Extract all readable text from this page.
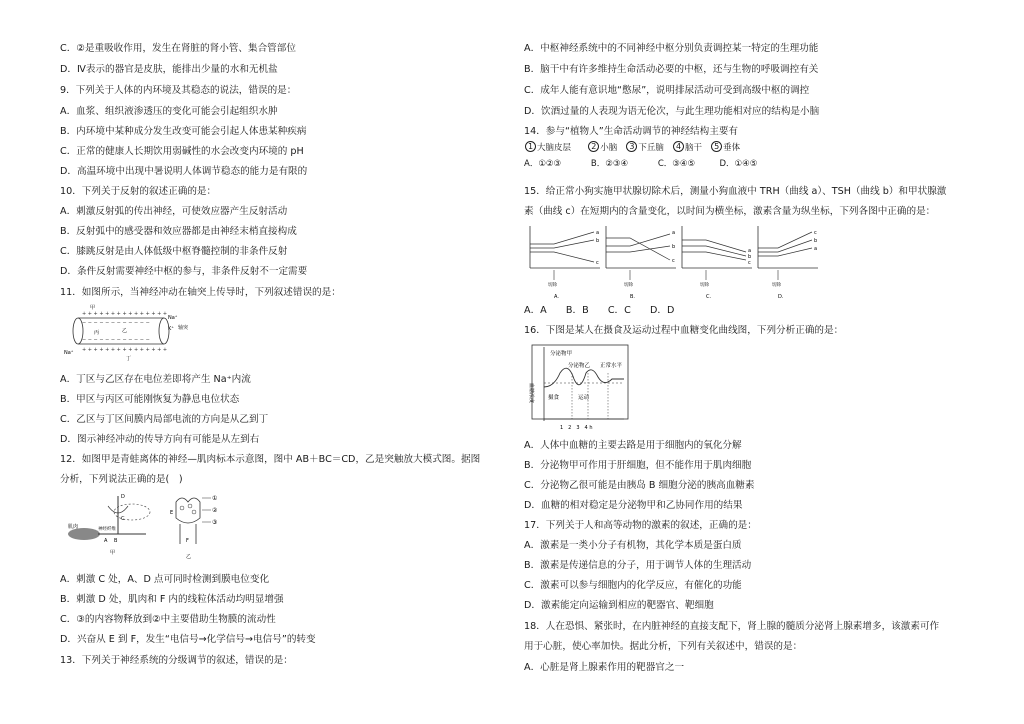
C．②是重吸收作用，发生在肾脏的肾小管、集合管部位
D．Ⅳ表示的器官是皮肤，能排出少量的水和无机盐
9．下列关于人体的内环境及其稳态的说法，错误的是：
A．血浆、组织液渗透压的变化可能会引起组织水肿
B．内环境中某种成分发生改变可能会引起人体患某种疾病
C．正常的健康人长期饮用弱碱性的水会改变内环境的 pH
D．高温环境中出现中暑说明人体调节稳态的能力是有限的
10．下列关于反射的叙述正确的是：
A．刺激反射弧的传出神经，可使效应器产生反射活动
B．反射弧中的感受器和效应器都是由神经末梢直接构成
C．膝跳反射是由人体低级中枢脊髓控制的非条件反射
D．条件反射需要神经中枢的参与，非条件反射不一定需要
11．如图所示，当神经冲动在轴突上传导时，下列叙述错误的是：
+ + + + + + + + + + + + + + +
− − − − − − − − − − − −
− − − − − − − − − − − −
+ + + + + + + + + + + + + + +
甲
丙	乙
丁
Na⁺
K⁺
Na⁺
轴突
A．丁区与乙区存在电位差即将产生 Na⁺内流
B．甲区与丙区可能刚恢复为静息电位状态
C．乙区与丁区间膜内局部电流的方向是从乙到丁
D．图示神经冲动的传导方向有可能是从左到右
12．如图甲是青蛙离体的神经—肌肉标本示意图，图中 AB＋BC＝CD，乙是突触放大模式图。据图
分析，下列说法正确的是(　)
肌肉	神经纤维
D
C
A B
甲
E
F
乙
①
②
③
A．刺激 C 处，A、D 点可同时检测到膜电位变化
B．刺激 D 处，肌肉和 F 内的线粒体活动均明显增强
C．③的内容物释放到②中主要借助生物膜的流动性
D．兴奋从 E 到 F，发生“电信号→化学信号→电信号”的转变
13．下列关于神经系统的分级调节的叙述，错误的是：
A．中枢神经系统中的不同神经中枢分别负责调控某一特定的生理功能
B．脑干中有许多维持生命活动必要的中枢，还与生物的呼吸调控有关
C．成年人能有意识地“憋尿”，说明排尿活动可受到高级中枢的调控
D．饮酒过量的人表现为语无伦次，与此生理功能相对应的结构是小脑
14．参与“植物人”生命活动调节的神经结构主要有
1 大脑皮层	2 小脑 3 下丘脑 4 脑干 5 垂体
A．①②③	B．②③④	C．③④⑤	D．①④⑤
15．给正常小狗实施甲状腺切除术后，测量小狗血液中 TRH（曲线 a）、TSH（曲线 b）和甲状腺激
素（曲线 c）在短期内的含量变化，以时间为横坐标，激素含量为纵坐标，下列各图中正确的是：
a
b
c
切除
A.
a
b
c
切除
B.
a
b
c
切除
C.
c
b
a
切除
D.
A．A　　B．B　　C．C　　D．D
16．下图是某人在摄食及运动过程中血糖变化曲线图，下列分析正确的是：
分泌物甲
分泌物乙 正常水平
摄食	运动
血糖浓度
1　2　3　4 h
A．人体中血糖的主要去路是用于细胞内的氧化分解
B．分泌物甲可作用于肝细胞，但不能作用于肌肉细胞
C．分泌物乙很可能是由胰岛 B 细胞分泌的胰高血糖素
D．血糖的相对稳定是分泌物甲和乙协同作用的结果
17．下列关于人和高等动物的激素的叙述，正确的是：
A．激素是一类小分子有机物，其化学本质是蛋白质
B．激素是传递信息的分子，用于调节人体的生理活动
C．激素可以参与细胞内的化学反应，有催化的功能
D．激素能定向运输到相应的靶器官、靶细胞
18．人在恐惧、紧张时，在内脏神经的直接支配下，肾上腺的髓质分泌肾上腺素增多，该激素可作
用于心脏，使心率加快。据此分析，下列有关叙述中，错误的是：
A．心脏是肾上腺素作用的靶器官之一
